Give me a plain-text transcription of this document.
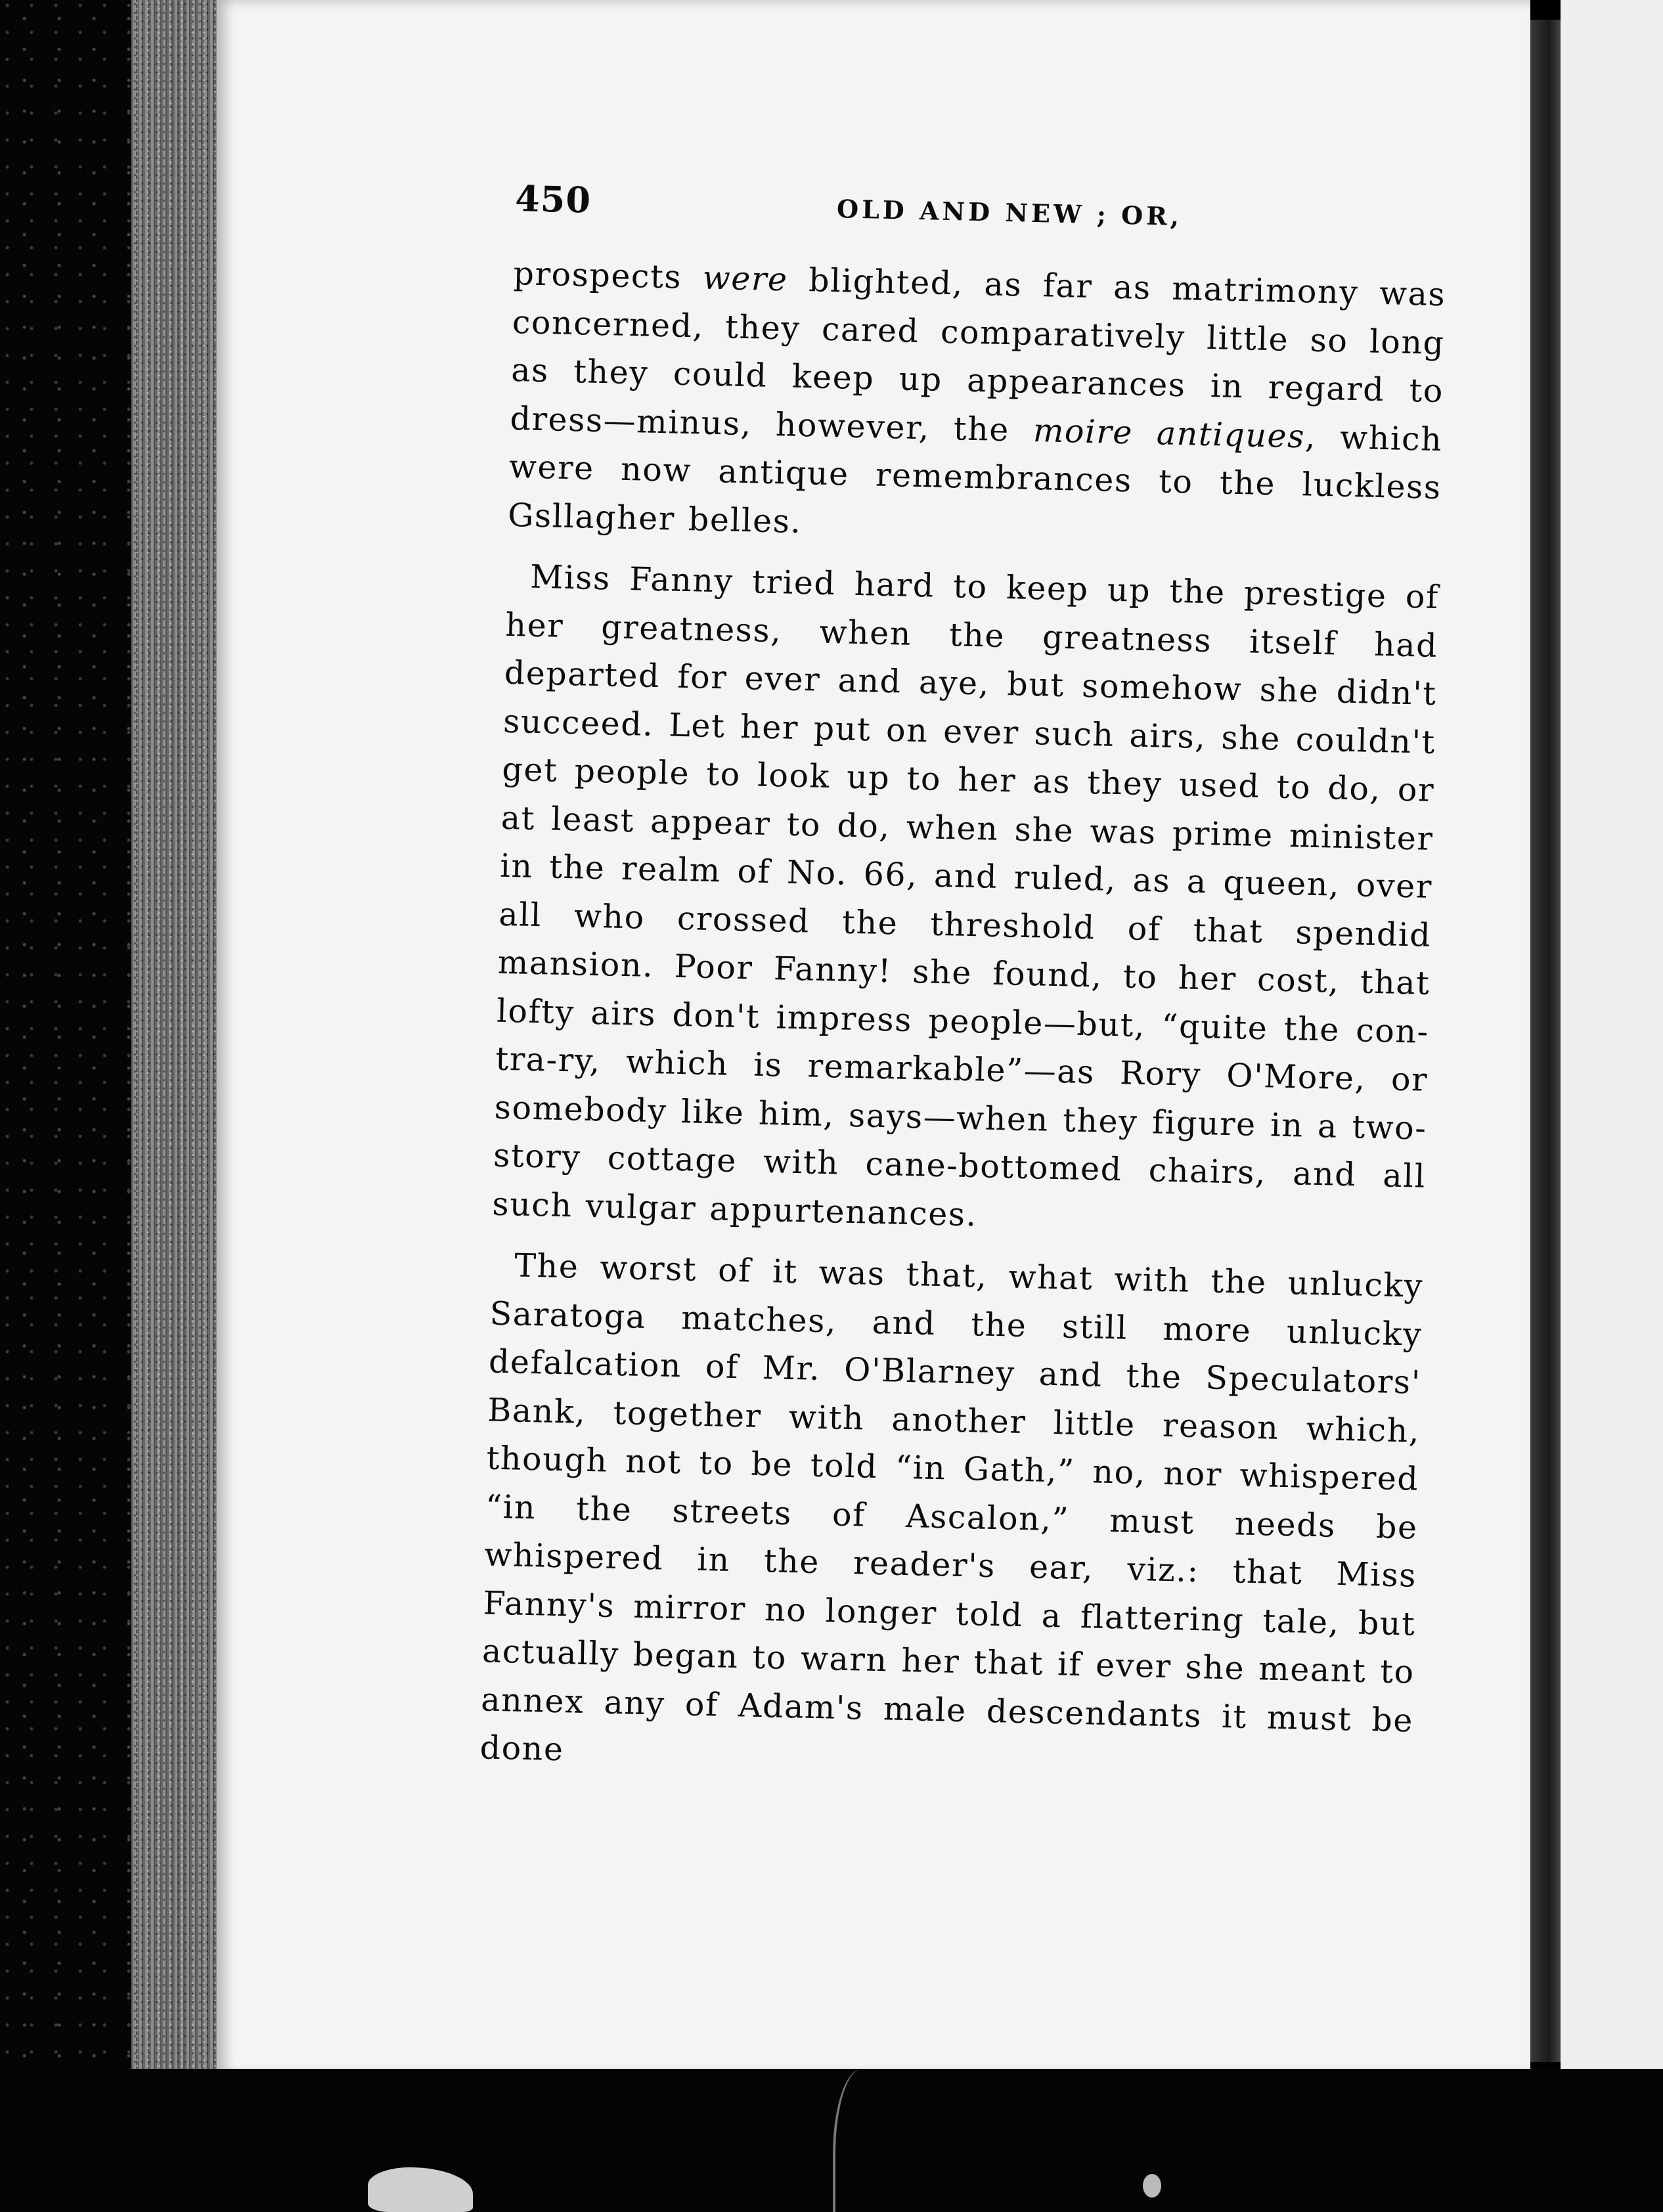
450	OLD AND NEW ; OR,

prospects were blighted, as far as matrimony was concerned, they cared comparatively little so long as they could keep up appearances in regard to dress—minus, however, the moire antiques, which were now antique remembrances to the luckless Gsllagher belles.

Miss Fanny tried hard to keep up the prestige of her greatness, when the greatness itself had departed for ever and aye, but somehow she didn't succeed. Let her put on ever such airs, she couldn't get people to look up to her as they used to do, or at least appear to do, when she was prime minister in the realm of No. 66, and ruled, as a queen, over all who crossed the threshold of that spendid mansion. Poor Fanny! she found, to her cost, that lofty airs don't impress people—but, “quite the con-tra-ry, which is remarkable”—as Rory O'More, or somebody like him, says—when they figure in a two-story cottage with cane-bottomed chairs, and all such vulgar appurtenances.

The worst of it was that, what with the unlucky Saratoga matches, and the still more unlucky defalcation of Mr. O'Blarney and the Speculators' Bank, together with another little reason which, though not to be told “in Gath,” no, nor whispered “in the streets of Ascalon,” must needs be whispered in the reader's ear, viz.: that Miss Fanny's mirror no longer told a flattering tale, but actually began to warn her that if ever she meant to annex any of Adam's male descendants it must be done
